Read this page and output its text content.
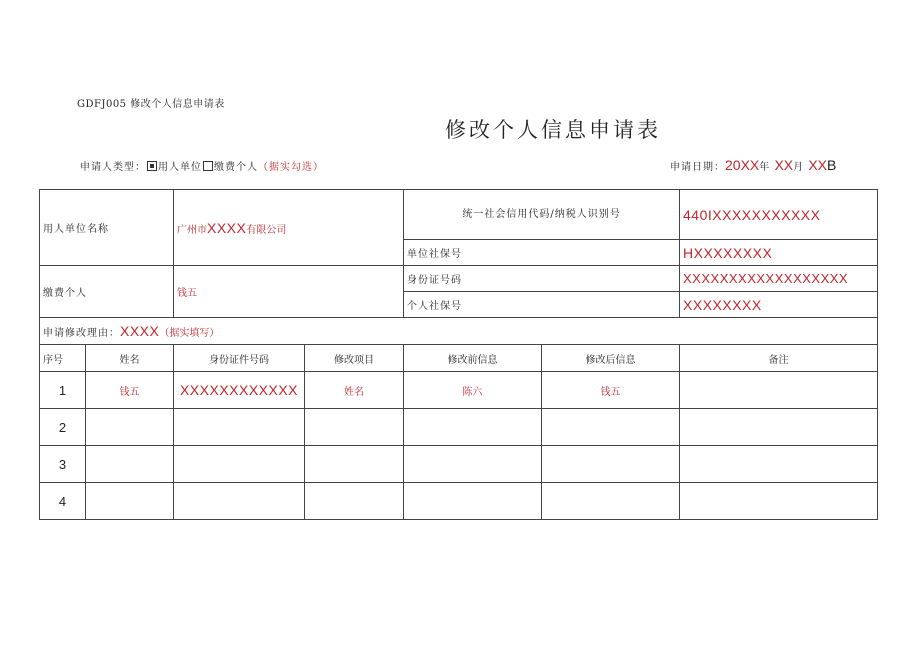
GDFJ005 修改个人信息申请表
修改个人信息申请表
申请人类型： 用人单位 缴费个人（据实勾选）	申请日期：20XX年 XX月 XXB
用人单位名称		广州市XXXX有限公司		统一社会信用代码/纳税人识别号		440IXXXXXXXXXXX
				单位社保号		HXXXXXXXX
缴费个人		钱五		身份证号码		XXXXXXXXXXXXXXXXXX
				个人社保号		XXXXXXXX
申请修改理由：XXXX（据实填写）						
序号	姓名	身份证件号码	修改项目	修改前信息	修改后信息	备注
1	钱五	XXXXXXXXXXXX	姓名	陈六	钱五	
2						
3						
4						
